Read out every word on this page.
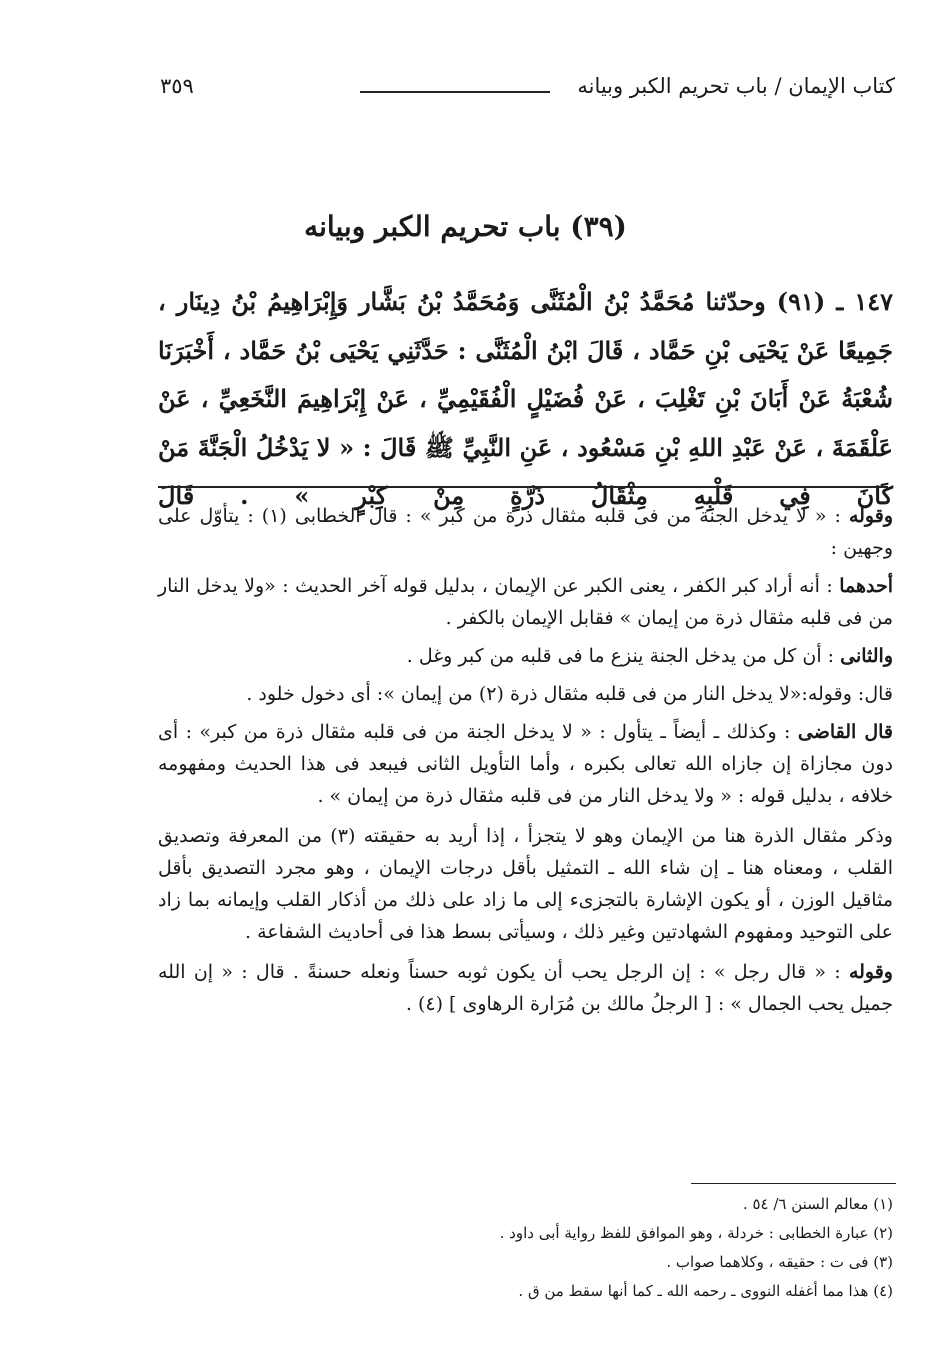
كتاب الإيمان / باب تحريم الكبر وبيانه
٣٥٩
(٣٩) باب تحريم الكبر وبيانه

١٤٧ ـ (٩١) وحدّثنا مُحَمَّدُ بْنُ الْمُثَنَّى وَمُحَمَّدُ بْنُ بَشَّار وَإِبْرَاهِيمُ بْنُ دِينَار ، جَمِيعًا عَنْ يَحْيَى بْنِ حَمَّاد ، قَالَ ابْنُ الْمُثَنَّى : حَدَّثَنِي يَحْيَى بْنُ حَمَّاد ، أَخْبَرَنَا شُعْبَةُ عَنْ أَبَانَ بْنِ تَغْلِبَ ، عَنْ فُضَيْلٍ الْفُقَيْمِيِّ ، عَنْ إِبْرَاهِيمَ النَّخَعِيِّ ، عَنْ عَلْقَمَةَ ، عَنْ عَبْدِ اللهِ بْنِ مَسْعُود ، عَنِ النَّبِيِّ ﷺ قَالَ : « لا يَدْخُلُ الْجَنَّةَ مَنْ كَانَ فِي قَلْبِهِ مِثْقَالُ ذَرَّةٍ مِنْ كِبْرٍ » . قَالَ

وقوله : « لا يدخل الجنة من فى قلبه مثقال ذرة من كبر » : قال الخطابى (١) : يتأوّل على وجهين :

أحدهما : أنه أراد كبر الكفر ، يعنى الكبر عن الإيمان ، بدليل قوله آخر الحديث : «ولا يدخل النار من فى قلبه مثقال ذرة من إيمان » فقابل الإيمان بالكفر .

والثانى : أن كل من يدخل الجنة ينزع ما فى قلبه من كبر وغل .

قال: وقوله:«لا يدخل النار من فى قلبه مثقال ذرة (٢) من إيمان »: أى دخول خلود .

قال القاضى : وكذلك ـ أيضاً ـ يتأول : « لا يدخل الجنة من فى قلبه مثقال ذرة من كبر» : أى دون مجازاة إن جازاه الله تعالى بكبره ، وأما التأويل الثانى فيبعد فى هذا الحديث ومفهومه خلافه ، بدليل قوله : « ولا يدخل النار من فى قلبه مثقال ذرة من إيمان » .

وذكر مثقال الذرة هنا من الإيمان وهو لا يتجزأ ، إذا أريد به حقيقته (٣) من المعرفة وتصديق القلب ، ومعناه هنا ـ إن شاء الله ـ التمثيل بأقل درجات الإيمان ، وهو مجرد التصديق بأقل مثاقيل الوزن ، أو يكون الإشارة بالتجزىء إلى ما زاد على ذلك من أذكار القلب وإيمانه بما زاد على التوحيد ومفهوم الشهادتين وغير ذلك ، وسيأتى بسط هذا فى أحاديث الشفاعة .

وقوله : « قال رجل » : إن الرجل يحب أن يكون ثوبه حسناً ونعله حسنةً . قال : « إن الله جميل يحب الجمال » : [ الرجلُ مالك بن مُرَارة الرهاوى ] (٤) .

(١) معالم السنن ٦/ ٥٤ .

(٢) عبارة الخطابى : خردلة ، وهو الموافق للفظ رواية أبى داود .

(٣) فى ت : حقيقه ، وكلاهما صواب .

(٤) هذا مما أغفله النووى ـ رحمه الله ـ كما أنها سقط من ق .
